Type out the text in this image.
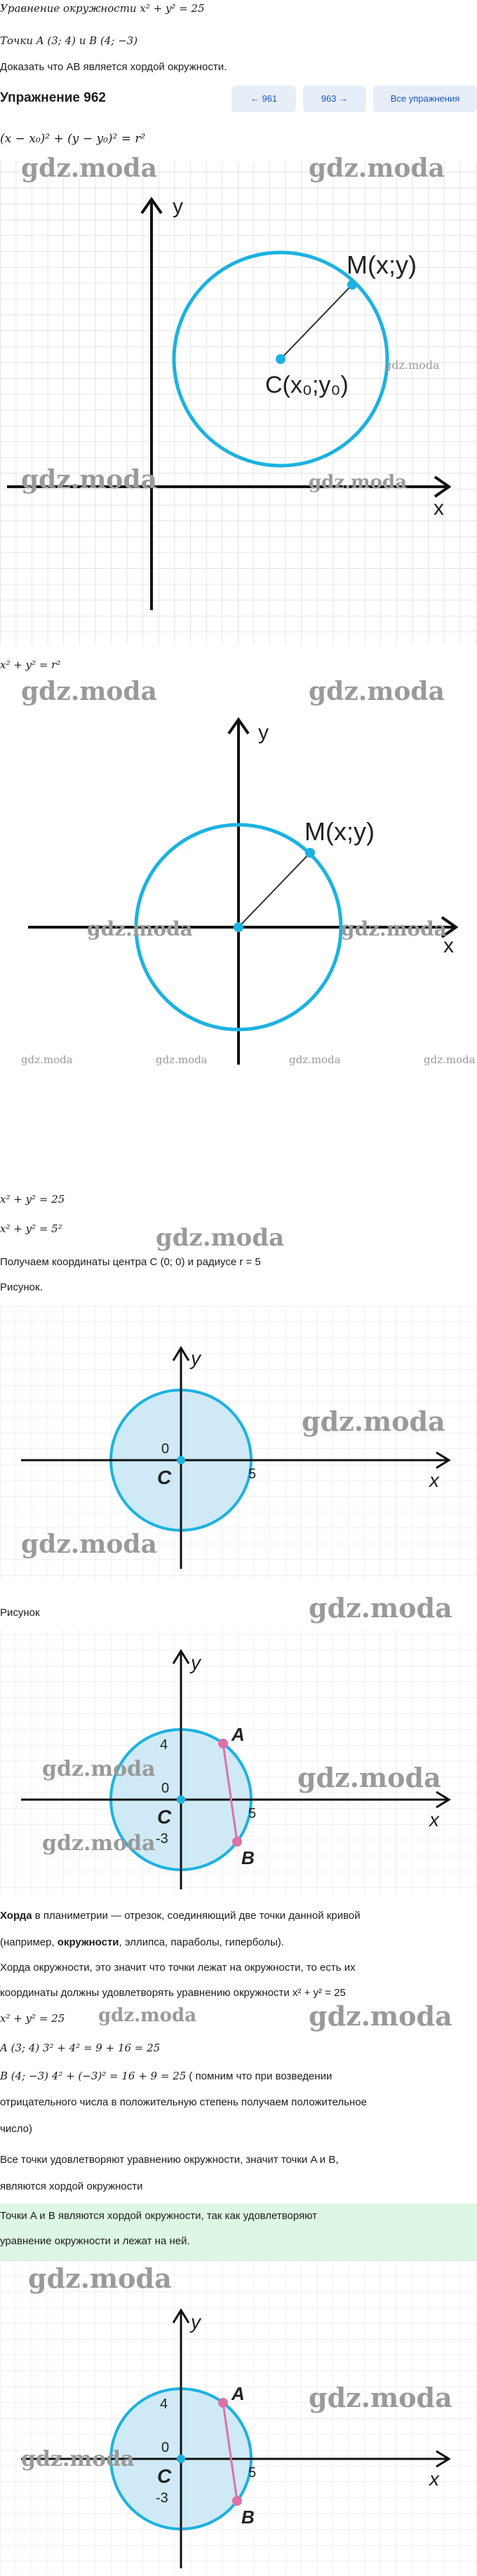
Уравнение окружности x² + y² = 25
Точки A (3; 4) и B (4; −3)
Доказать что AB является хордой окружности.
← 961	963 →	Все упражнения
Упражнение 962
(x − x₀)² + (y − y₀)² = r²
M(x;y)
C(x₀;y₀)
y
x
gdz.moda	gdz.moda
gdz.moda	gdz.moda
gdz.moda
x² + y² = r²
gdz.moda	gdz.moda
M(x;y)
y
x
gdz.moda	gdz.moda
gdz.moda	gdz.moda	gdz.moda	gdz.moda
x² + y² = 25
x² + y² = 5²	gdz.moda
Получаем координаты центра C (0; 0) и радиусе r = 5
Рисунок.
0
C	5
y
x
gdz.moda
gdz.moda
Рисунок	gdz.moda
A
B
4
-3
0
C	5
y
x
gdz.moda	gdz.moda
gdz.moda
Хорда в планиметрии — отрезок, соединяющий две точки данной кривой
(например, окружности, эллипса, параболы, гиперболы).
Хорда окружности, это значит что точки лежат на окружности, то есть их
координаты должны удовлетворять уравнению окружности x² + y² = 25
x² + y² = 25	gdz.moda
gdz.moda
A (3; 4) 3² + 4² = 9 + 16 = 25
B (4; −3) 4² + (−3)² = 16 + 9 = 25 ( помним что при возведении
отрицательного числа в положительную степень получаем положительное
число)
Все точки удовлетворяют уравнению окружности, значит точки A и B,
являются хордой окружности
Точки A и B являются хордой окружности, так как удовлетворяют
уравнение окружности и лежат на ней.
gdz.moda
A
B
4
-3
0
C	5
y
x
gdz.moda
gdz.moda
